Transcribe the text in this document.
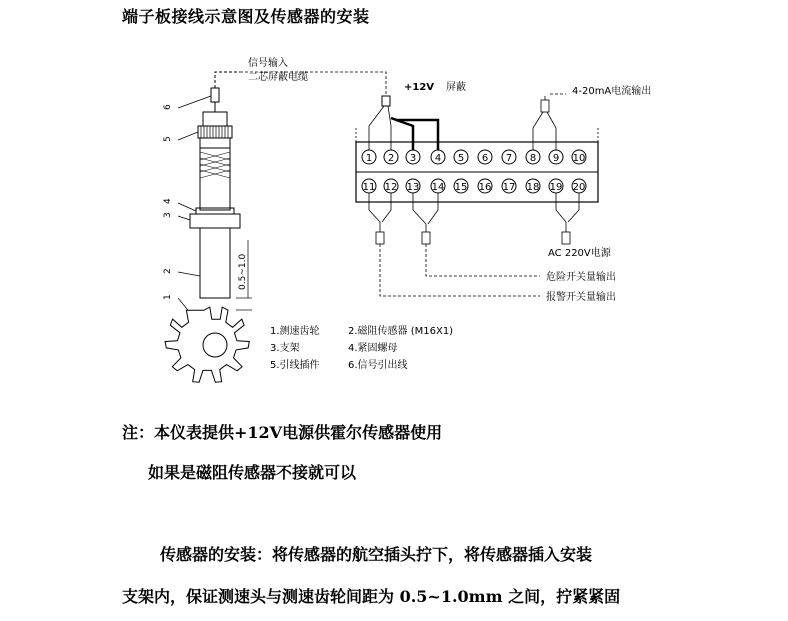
端子板接线示意图及传感器的安装
6
5
4
3
2
1
0.5~1.0
信号输入
二芯屏蔽电缆
+12V 屏蔽	4-20mA电流输出
1 2 3 4 5 6 7 8 9 10
11 12 13 14 15 16 17 18 19 20
AC 220V电源
危险开关量输出
报警开关量输出
1.测速齿轮	2.磁阻传感器 (M16X1)
3.支架	4.紧固螺母
5.引线插件	6.信号引出线
注：本仪表提供+12V电源供霍尔传感器使用
如果是磁阻传感器不接就可以
传感器的安装：将传感器的航空插头拧下，将传感器插入安装
支架内，保证测速头与测速齿轮间距为 0.5~1.0mm 之间，拧紧紧固
